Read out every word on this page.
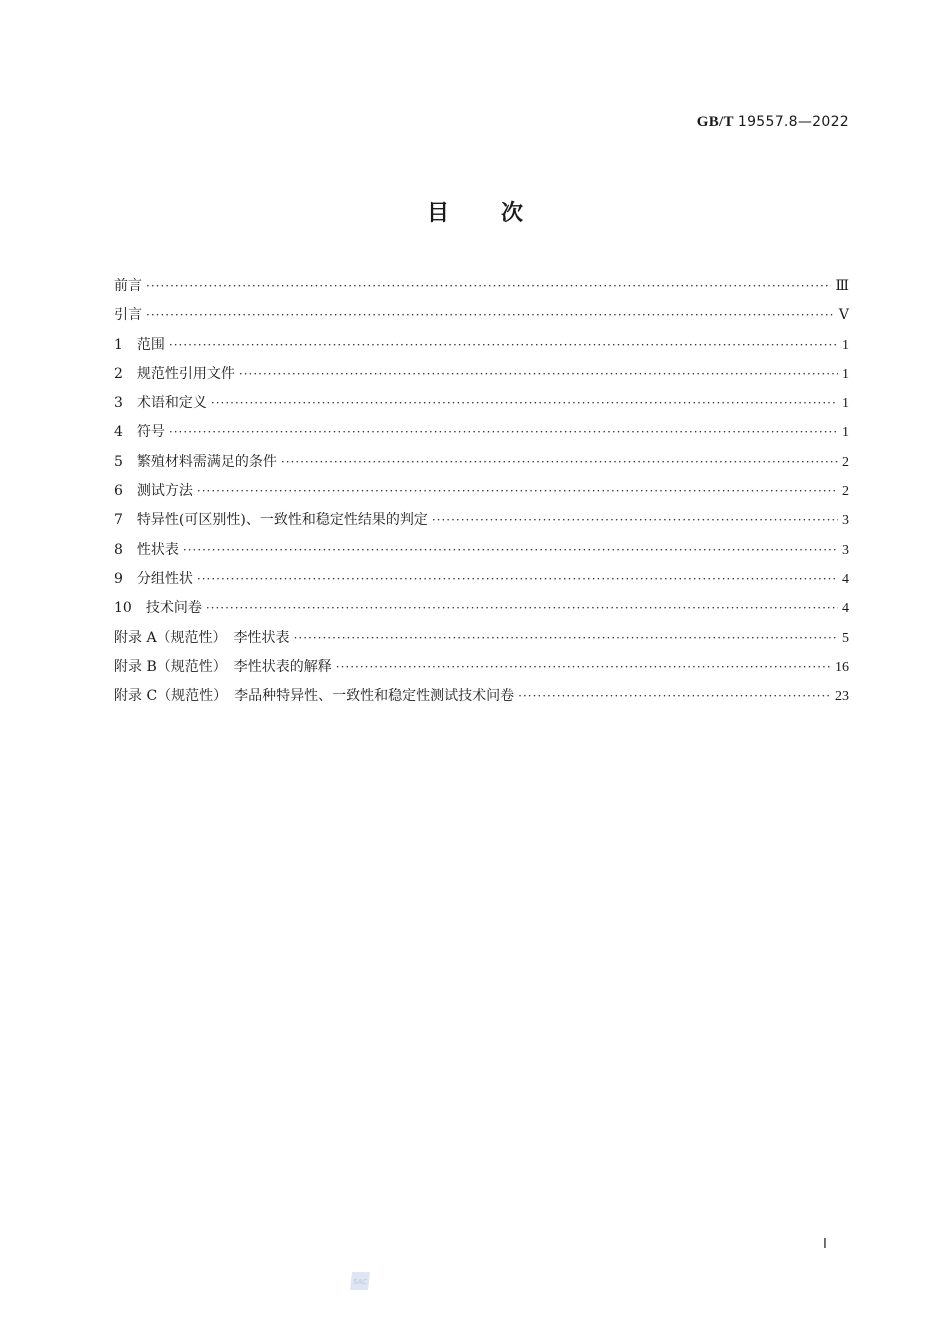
GB/T 19557.8—2022
目次
前言 ·····	Ⅲ
引言 ·····	Ⅴ
1　范围 ·····	1
2　规范性引用文件 ·····	1
3　术语和定义 ·····	1
4　符号 ·····	1
5　繁殖材料需满足的条件 ·····	2
6　测试方法 ·····	2
7　特异性(可区别性)、一致性和稳定性结果的判定 ·····	3
8　性状表 ·····	3
9　分组性状 ·····	4
10　技术问卷 ·····	4
附录 A（规范性）　李性状表 ·····	5
附录 B（规范性）　李性状表的解释 ·····	16
附录 C（规范性）　李品种特异性、一致性和稳定性测试技术问卷 ·····	23
Ⅰ
SAC
